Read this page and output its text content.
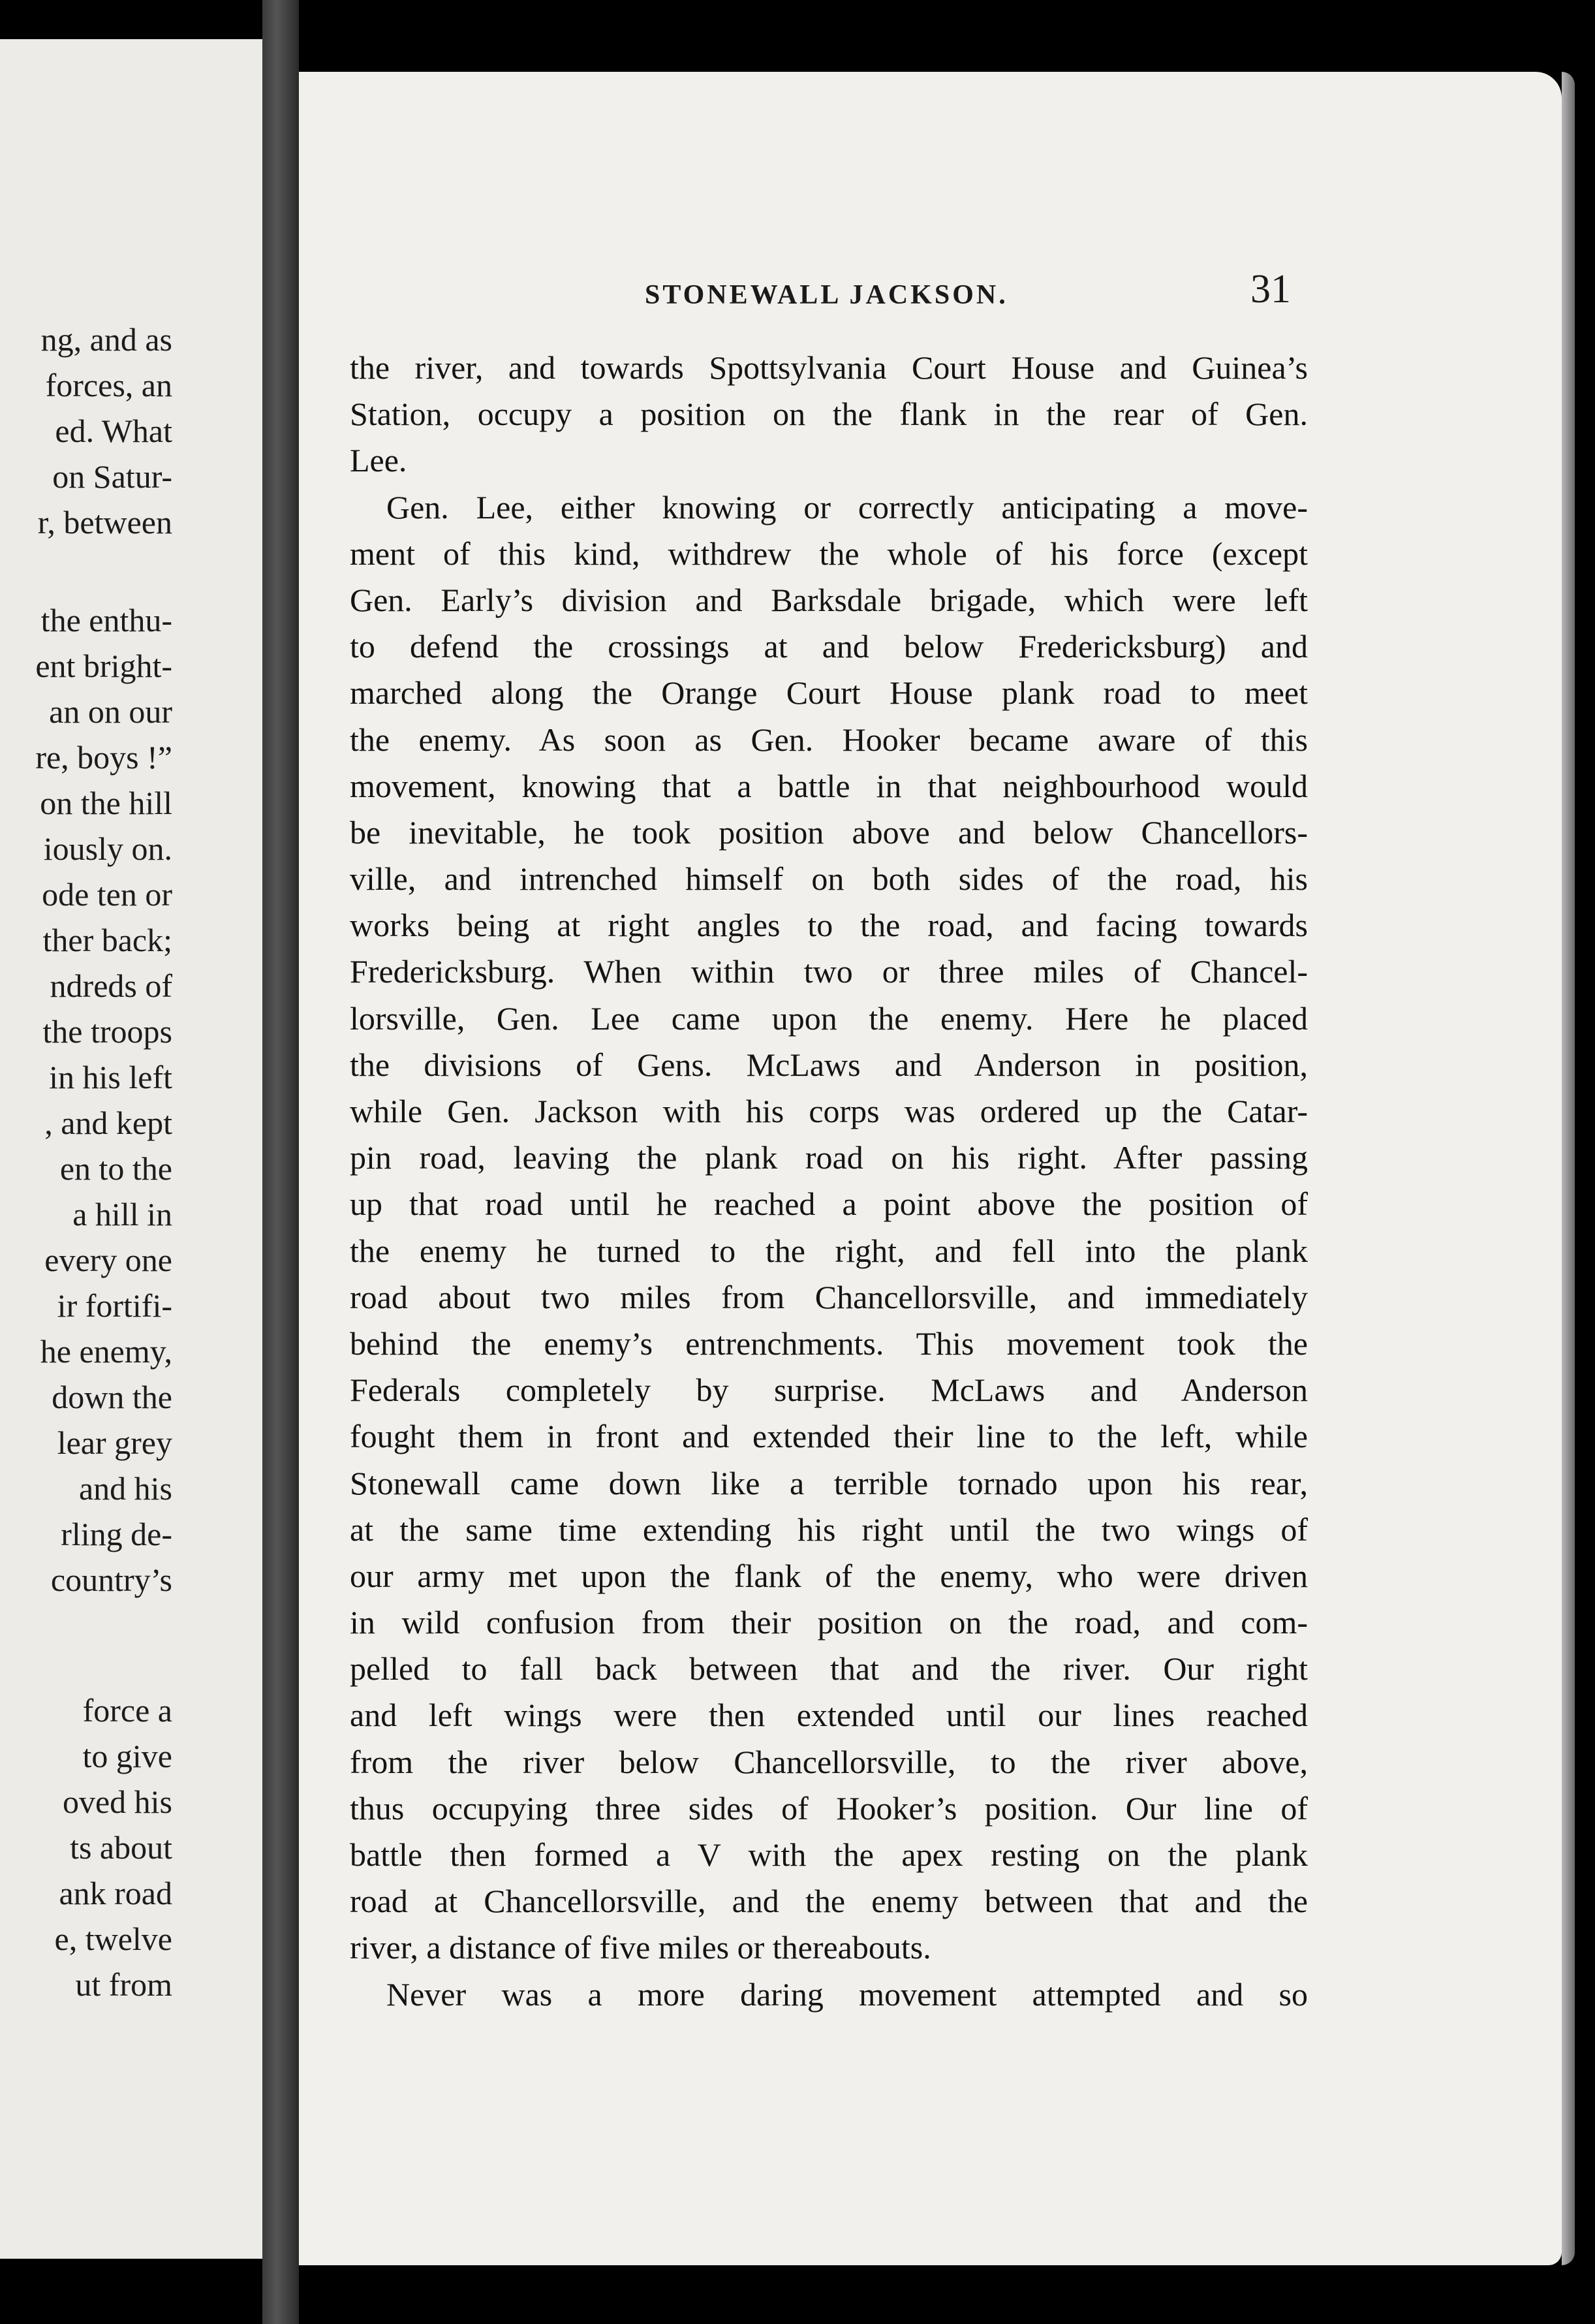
ng, and as
forces, an
ed. What
on Satur-
r, between
the enthu-
ent bright-
an on our
re, boys !”
on the hill
iously on.
ode ten or
ther back;
ndreds of
the troops
in his left
, and kept
en to the
a hill in
every one
ir fortifi-
he enemy,
down the
lear grey
and his
rling de-
country’s
force a
to give
oved his
ts about
ank road
e, twelve
ut from
STONEWALL JACKSON.	31
the river, and towards Spottsylvania Court House and Guinea’s
Station, occupy a position on the flank in the rear of Gen.
Lee.
Gen. Lee, either knowing or correctly anticipating a move-
ment of this kind, withdrew the whole of his force (except
Gen. Early’s division and Barksdale brigade, which were left
to defend the crossings at and below Fredericksburg) and
marched along the Orange Court House plank road to meet
the enemy. As soon as Gen. Hooker became aware of this
movement, knowing that a battle in that neighbourhood would
be inevitable, he took position above and below Chancellors-
ville, and intrenched himself on both sides of the road, his
works being at right angles to the road, and facing towards
Fredericksburg. When within two or three miles of Chancel-
lorsville, Gen. Lee came upon the enemy. Here he placed
the divisions of Gens. McLaws and Anderson in position,
while Gen. Jackson with his corps was ordered up the Catar-
pin road, leaving the plank road on his right. After passing
up that road until he reached a point above the position of
the enemy he turned to the right, and fell into the plank
road about two miles from Chancellorsville, and immediately
behind the enemy’s entrenchments. This movement took the
Federals completely by surprise. McLaws and Anderson
fought them in front and extended their line to the left, while
Stonewall came down like a terrible tornado upon his rear,
at the same time extending his right until the two wings of
our army met upon the flank of the enemy, who were driven
in wild confusion from their position on the road, and com-
pelled to fall back between that and the river. Our right
and left wings were then extended until our lines reached
from the river below Chancellorsville, to the river above,
thus occupying three sides of Hooker’s position. Our line of
battle then formed a V with the apex resting on the plank
road at Chancellorsville, and the enemy between that and the
river, a distance of five miles or thereabouts.
Never was a more daring movement attempted and so
